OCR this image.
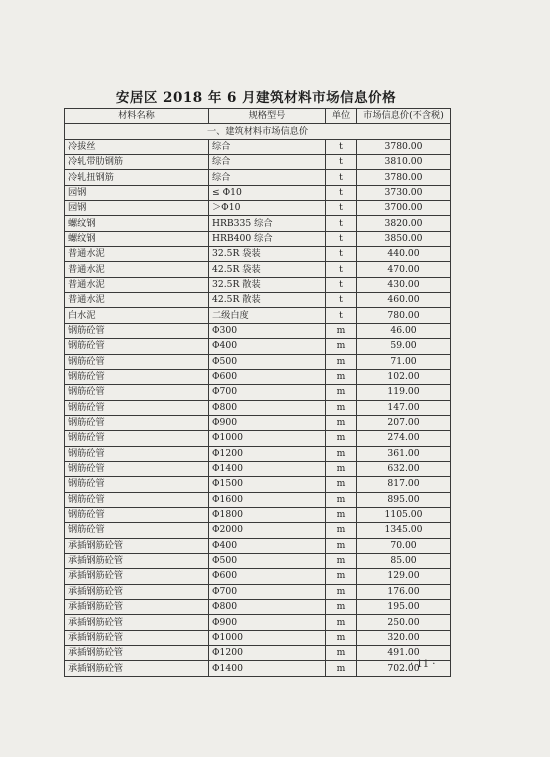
安居区 2018 年 6 月建筑材料市场信息价格
材料名称	规格型号	单位	市场信息价(不含税)
一、建筑材料市场信息价			
冷拔丝	综合	t	3780.00
冷轧带肋钢筋	综合	t	3810.00
冷轧扭钢筋	综合	t	3780.00
园钢	≤ Φ10	t	3730.00
园钢	＞Φ10	t	3700.00
螺纹钢	HRB335 综合	t	3820.00
螺纹钢	HRB400 综合	t	3850.00
普通水泥	32.5R 袋装	t	440.00
普通水泥	42.5R 袋装	t	470.00
普通水泥	32.5R 散装	t	430.00
普通水泥	42.5R 散装	t	460.00
白水泥	二级白度	t	780.00
钢筋砼管	Φ300	m	46.00
钢筋砼管	Φ400	m	59.00
钢筋砼管	Φ500	m	71.00
钢筋砼管	Φ600	m	102.00
钢筋砼管	Φ700	m	119.00
钢筋砼管	Φ800	m	147.00
钢筋砼管	Φ900	m	207.00
钢筋砼管	Φ1000	m	274.00
钢筋砼管	Φ1200	m	361.00
钢筋砼管	Φ1400	m	632.00
钢筋砼管	Φ1500	m	817.00
钢筋砼管	Φ1600	m	895.00
钢筋砼管	Φ1800	m	1105.00
钢筋砼管	Φ2000	m	1345.00
承插钢筋砼管	Φ400	m	70.00
承插钢筋砼管	Φ500	m	85.00
承插钢筋砼管	Φ600	m	129.00
承插钢筋砼管	Φ700	m	176.00
承插钢筋砼管	Φ800	m	195.00
承插钢筋砼管	Φ900	m	250.00
承插钢筋砼管	Φ1000	m	320.00
承插钢筋砼管	Φ1200	m	491.00
承插钢筋砼管	Φ1400	m	702.00
· 11 ·
